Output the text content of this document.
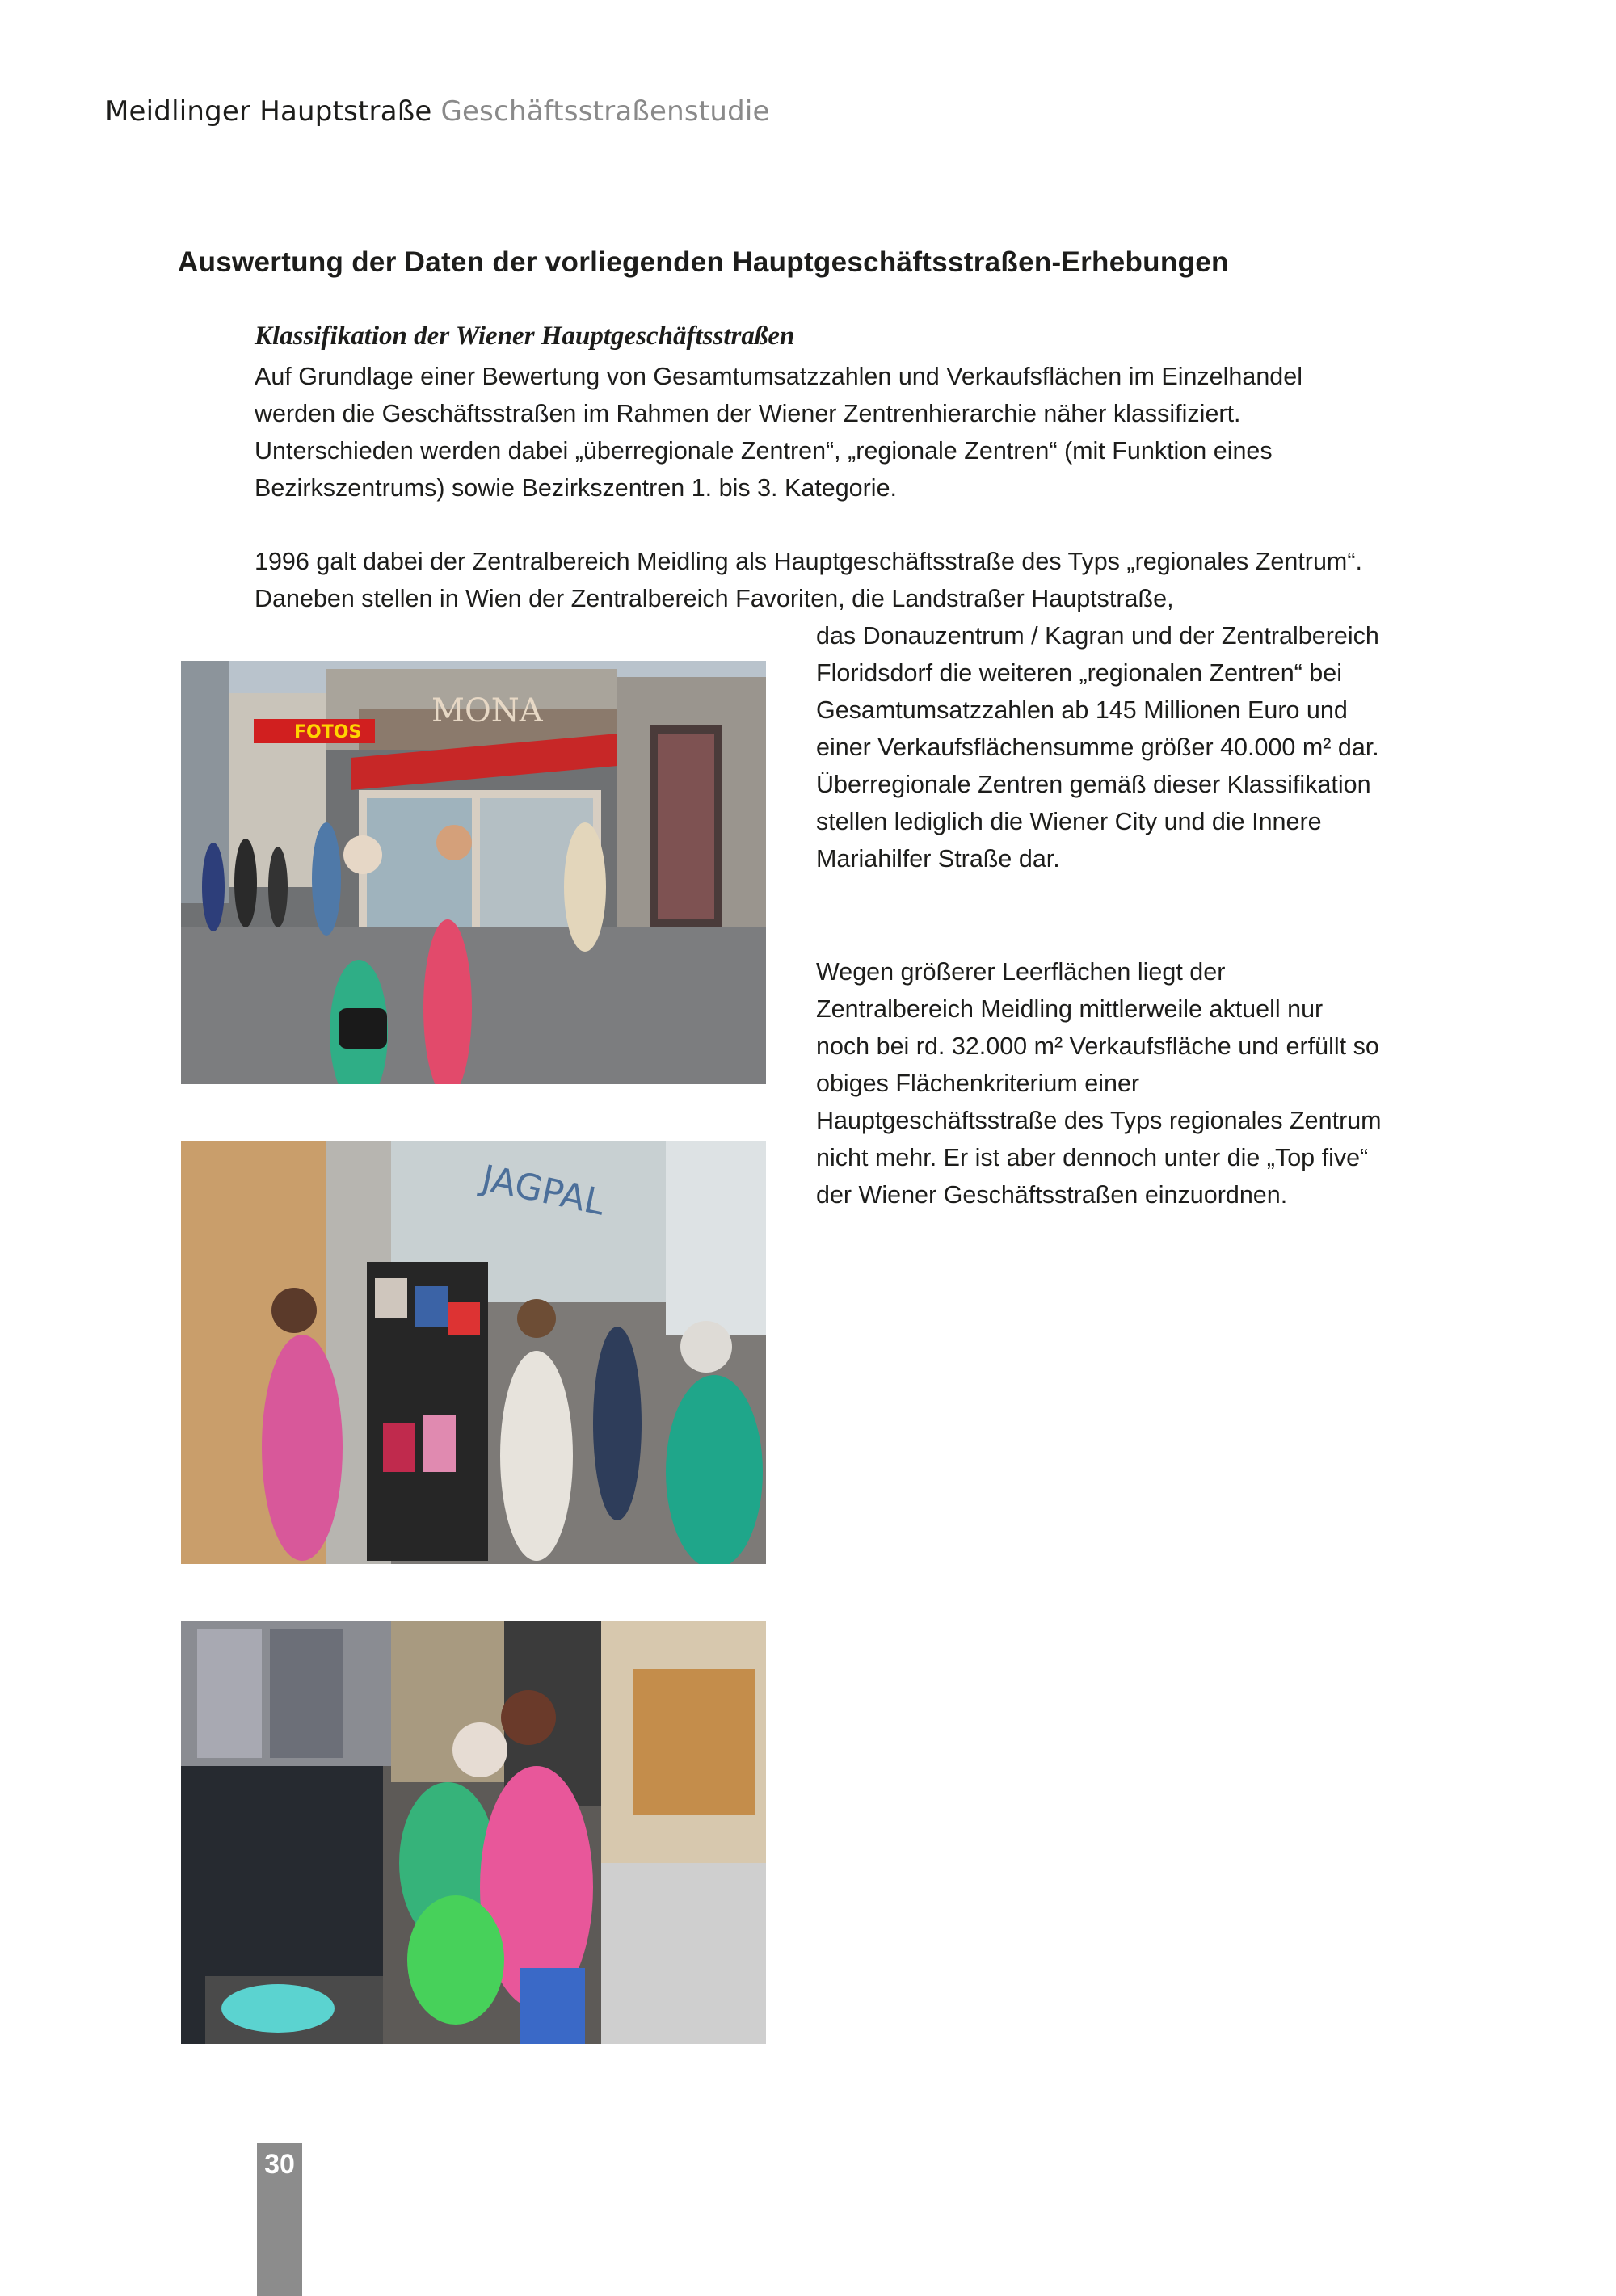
Meidlinger Hauptstraße Geschäftsstraßenstudie
Auswertung der Daten der vorliegenden Hauptgeschäftsstraßen-Erhebungen
Klassifikation der Wiener Hauptgeschäftsstraßen

Auf Grundlage einer Bewertung von Gesamtumsatzzahlen und Verkaufsflächen im Einzelhandel werden die Geschäftsstraßen im Rahmen der Wiener Zentrenhierarchie näher klassifiziert. Unterschieden werden dabei „überregionale Zentren“, „regionale Zentren“ (mit Funktion eines Bezirkszentrums) sowie Bezirkszentren 1. bis 3. Kategorie.

1996 galt dabei der Zentralbereich Meidling als Hauptgeschäftsstraße des Typs „regionales Zentrum“. Daneben stellen in Wien der Zentralbereich Favoriten, die Landstraßer Hauptstraße,

das Donauzentrum / Kagran und der Zentralbereich Floridsdorf die weiteren „regionalen Zentren“ bei Gesamtumsatzzahlen ab 145 Millionen Euro und einer Verkaufsflächensumme größer 40.000 m² dar. Überregionale Zentren gemäß dieser Klassifikation stellen lediglich die Wiener City und die Innere Mariahilfer Straße dar.

Wegen größerer Leerflächen liegt der Zentralbereich Meidling mittlerweile aktuell nur noch bei rd. 32.000 m² Verkaufsfläche und erfüllt so obiges Flächenkriterium einer Hauptgeschäftsstraße des Typs regionales Zentrum nicht mehr. Er ist aber dennoch unter die „Top five“ der Wiener Geschäftsstraßen einzuordnen.

FOTOS
MONA
JAGPAL
30
